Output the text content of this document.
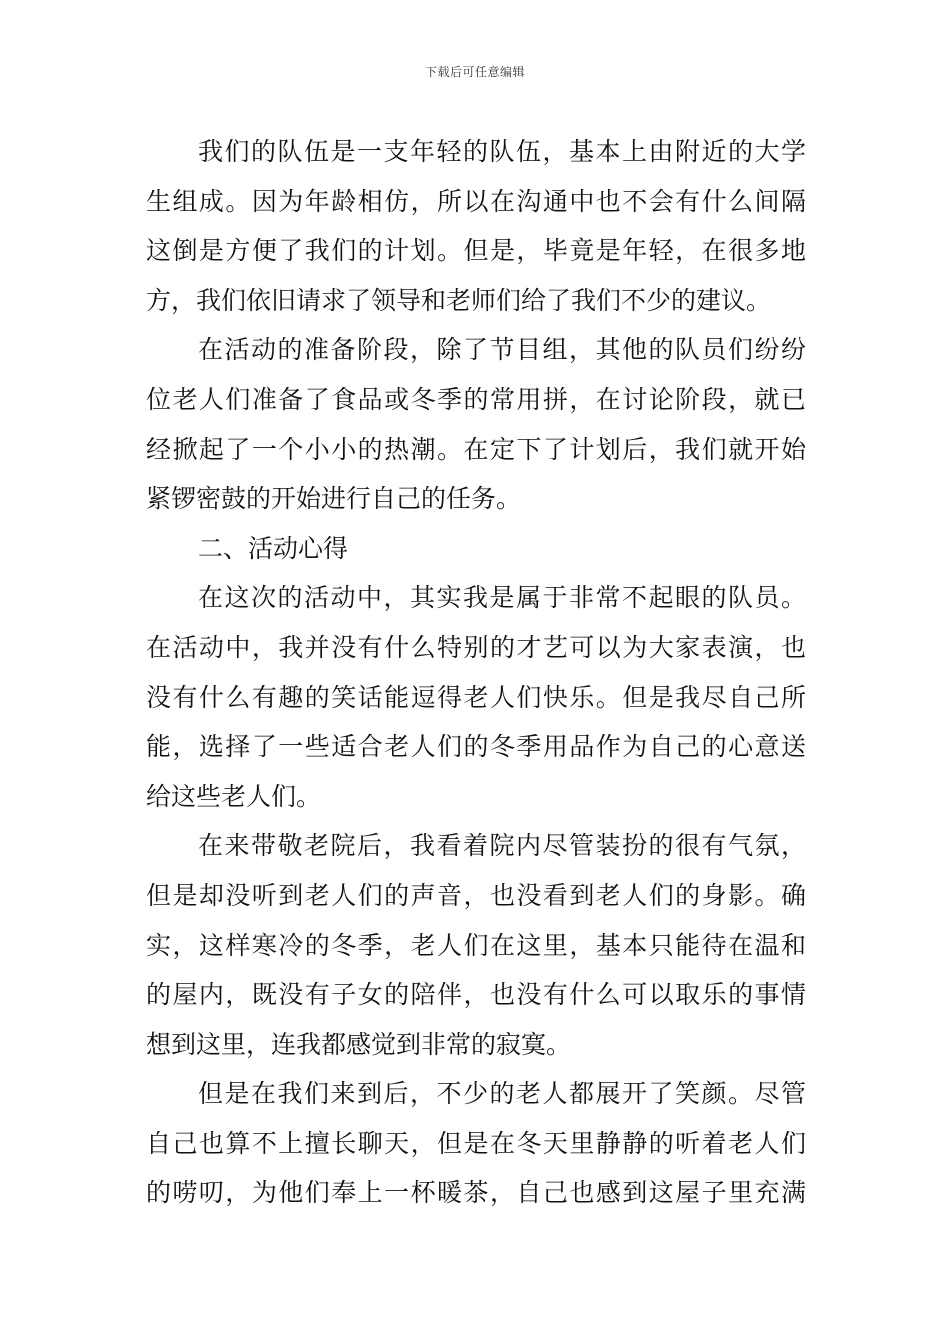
下载后可任意编辑
我们的队伍是一支年轻的队伍，基本上由附近的大学
生组成。因为年龄相仿，所以在沟通中也不会有什么间隔
这倒是方便了我们的计划。但是，毕竟是年轻，在很多地
方，我们依旧请求了领导和老师们给了我们不少的建议。
在活动的准备阶段，除了节目组，其他的队员们纷纷
位老人们准备了食品或冬季的常用拼，在讨论阶段，就已
经掀起了一个小小的热潮。在定下了计划后，我们就开始
紧锣密鼓的开始进行自己的任务。
二、活动心得
在这次的活动中，其实我是属于非常不起眼的队员。
在活动中，我并没有什么特别的才艺可以为大家表演，也
没有什么有趣的笑话能逗得老人们快乐。但是我尽自己所
能，选择了一些适合老人们的冬季用品作为自己的心意送
给这些老人们。
在来带敬老院后，我看着院内尽管装扮的很有气氛，
但是却没听到老人们的声音，也没看到老人们的身影。确
实，这样寒冷的冬季，老人们在这里，基本只能待在温和
的屋内，既没有子女的陪伴，也没有什么可以取乐的事情
想到这里，连我都感觉到非常的寂寞。
但是在我们来到后，不少的老人都展开了笑颜。尽管
自己也算不上擅长聊天，但是在冬天里静静的听着老人们
的唠叨，为他们奉上一杯暖茶，自己也感到这屋子里充满
